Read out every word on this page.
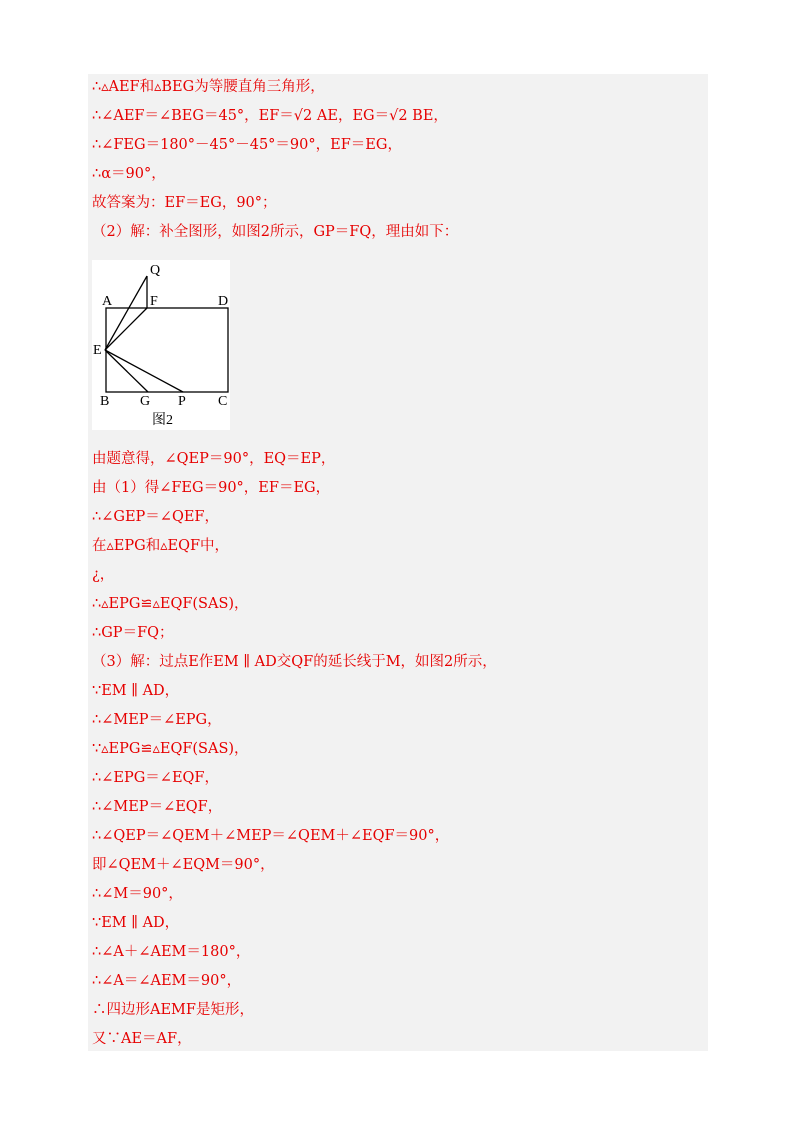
∴▵AEF和▵BEG为等腰直角三角形，
∴∠AEF＝∠BEG＝45°，EF＝√2 AE，EG＝√2 BE，
∴∠FEG＝180°－45°－45°＝90°，EF＝EG，
∴α＝90°，
故答案为：EF＝EG，90°；
（2）解：补全图形，如图2所示，GP＝FQ，理由如下：
Q
A	F	D
E
B G P C
图2
由题意得，∠QEP＝90°，EQ＝EP，
由（1）得∠FEG＝90°，EF＝EG，
∴∠GEP＝∠QEF，
在▵EPG和▵EQF中，
¿，
∴▵EPG≌▵EQF(SAS)，
∴GP＝FQ；
（3）解：过点E作EM ∥ AD交QF的延长线于M，如图2所示，
∵EM ∥ AD，
∴∠MEP＝∠EPG，
∵▵EPG≌▵EQF(SAS)，
∴∠EPG＝∠EQF，
∴∠MEP＝∠EQF，
∴∠QEP＝∠QEM＋∠MEP＝∠QEM＋∠EQF＝90°，
即∠QEM＋∠EQM＝90°，
∴∠M＝90°，
∵EM ∥ AD，
∴∠A＋∠AEM＝180°，
∴∠A＝∠AEM＝90°，
∴四边形AEMF是矩形，
又∵AE＝AF，
